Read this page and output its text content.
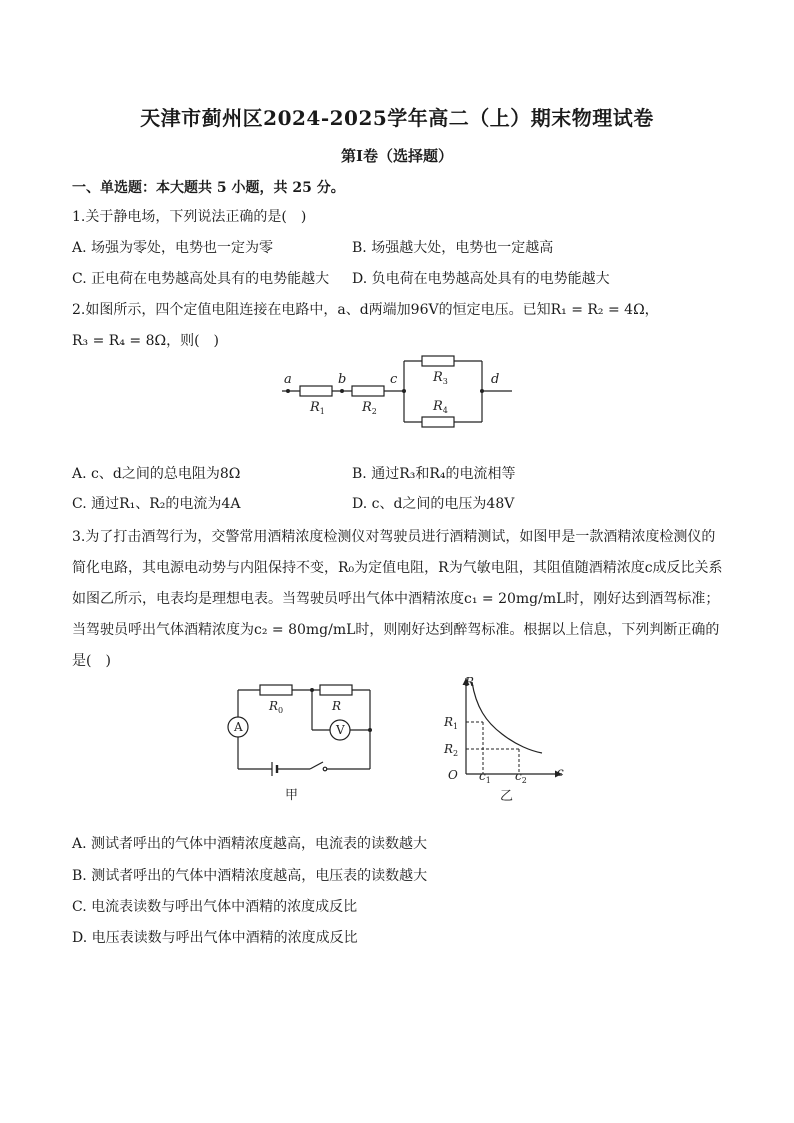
天津市蓟州区2024-2025学年高二（上）期末物理试卷
第I卷（选择题）
一、单选题：本大题共 5 小题，共 25 分。
1.关于静电场，下列说法正确的是(　)
A. 场强为零处，电势也一定为零	B. 场强越大处，电势也一定越高
C. 正电荷在电势越高处具有的电势能越大 D. 负电荷在电势越高处具有的电势能越大
2.如图所示，四个定值电阻连接在电路中，a、d两端加96V的恒定电压。已知R₁ = R₂ = 4Ω，
R₃ = R₄ = 8Ω，则(　)
a	b	c	d
$R_1$	$R_2$
$R_3$
$R_4$
A. c、d之间的总电阻为8Ω	B. 通过R₃和R₄的电流相等
C. 通过R₁、R₂的电流为4A	D. c、d之间的电压为48V
3.为了打击酒驾行为，交警常用酒精浓度检测仪对驾驶员进行酒精测试，如图甲是一款酒精浓度检测仪的
简化电路，其电源电动势与内阻保持不变，R₀为定值电阻，R为气敏电阻，其阻值随酒精浓度c成反比关系
如图乙所示，电表均是理想电表。当驾驶员呼出气体中酒精浓度c₁ = 20mg/mL时，刚好达到酒驾标准；
当驾驶员呼出气体酒精浓度为c₂ = 80mg/mL时，则刚好达到醉驾标准。根据以上信息，下列判断正确的
是(　)
A	V
$R_0$	R
甲
R
c
O
$R_1$
$R_2$
$c_1$ $c_2$
乙
A. 测试者呼出的气体中酒精浓度越高，电流表的读数越大
B. 测试者呼出的气体中酒精浓度越高，电压表的读数越大
C. 电流表读数与呼出气体中酒精的浓度成反比
D. 电压表读数与呼出气体中酒精的浓度成反比
